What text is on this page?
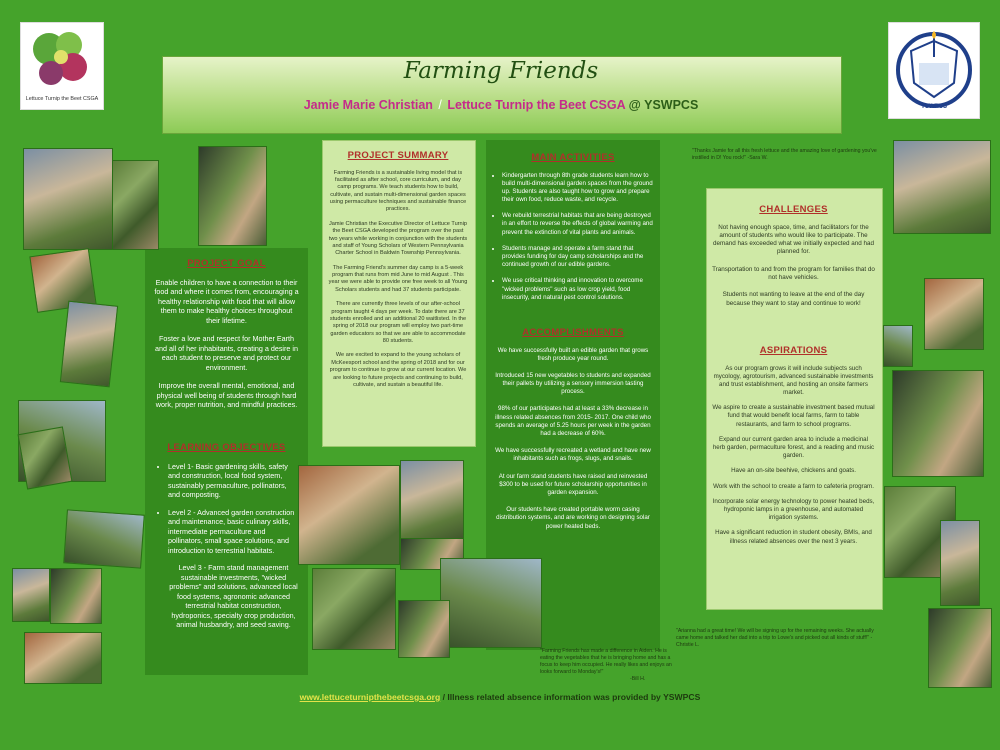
Lettuce Turnip the Beet CSGA
YSWPCS
Farming Friends
Jamie Marie Christian / Lettuce Turnip the Beet CSGA @ YSWPCS
PROJECT GOAL

Enable children to have a connection to their food and where it comes from, encouraging a healthy relationship with food that will allow them to make healthy choices throughout their lifetime.

Foster a love and respect for Mother Earth and all of her inhabitants, creating a desire in each student to preserve and protect our environment.

Improve the overall mental, emotional, and physical well being of students through hard work, proper nutrition, and mindful practices.

LEARNING OBJECTIVES
• Level 1- Basic gardening skills, safety and construction, local food system, sustainably permaculture, pollinators, and composting.
• Level 2 - Advanced garden construction and maintenance, basic culinary skills, intermediate permaculture and pollinators, small space solutions, and introduction to terrestrial habitats.
Level 3 - Farm stand management sustainable investments, "wicked problems" and solutions, advanced local food systems, agronomic advanced terrestrial habitat construction, hydroponics, specialty crop production, animal husbandry, and seed saving.
PROJECT SUMMARY

Farming Friends is a sustainable living model that is facilitated as after school, core curriculum, and day camp programs. We teach students how to build, cultivate, and sustain multi-dimensional garden spaces using permaculture techniques and sustainable finance practices.

Jamie Christian the Executive Director of Lettuce Turnip the Beet CSGA developed the program over the past two years while working in conjunction with the students and staff of Young Scholars of Western Pennsylvania Charter School in Baldwin Township Pennsylvania.

The Farming Friend's summer day camp is a 5-week program that runs from mid June to mid August . This year we were able to provide one free week to all Young Scholars students and had 37 students participate.

There are currently three levels of our after-school program taught 4 days per week. To date there are 37 students enrolled and an additional 20 waitlisted. In the spring of 2018 our program will employ two part-time garden educators so that we are able to accommodate 80 students.

We are excited to expand to the young scholars of McKeesport school and the spring of 2018 and for our program to continue to grow at our current location. We are looking to future projects and continuing to build, cultivate, and sustain a beautiful life.

MAIN ACTIVITIES
• Kindergarten through 8th grade students learn how to build multi-dimensional garden spaces from the ground up. Students are also taught how to grow and prepare their own food, reduce waste, and recycle.
• We rebuild terrestrial habitats that are being destroyed in an effort to reverse the effects of global warming and prevent the extinction of vital plants and animals.
• Students manage and operate a farm stand that provides funding for day camp scholarships and the continued growth of our edible gardens.
• We use critical thinking and innovation to overcome "wicked problems" such as low crop yield, food insecurity, and natural pest control solutions.
ACCOMPLISHMENTS

We have successfully built an edible garden that grows fresh produce year round.

Introduced 15 new vegetables to students and expanded their pallets by utilizing a sensory immersion tasting process.

98% of our participates had at least a 33% decrease in illness related absences from 2015- 2017. One child who spends an average of 5.25 hours per week in the garden had a decrease of 60%.

We have successfully recreated a wetland and have new inhabitants such as frogs, slugs, and snails.

At our farm stand students have raised and reinvested $300 to be used for future scholarship opportunities in garden expansion.

Our students have created portable worm casing distribution systems, and are working on designing solar power heated beds.

CHALLENGES

Not having enough space, time, and facilitators for the amount of students who would like to participate. The demand has exceeded what we initially expected and had planned for.

Transportation to and from the program for families that do not have vehicles.

Students not wanting to leave at the end of the day because they want to stay and continue to work!

ASPIRATIONS

As our program grows it will include subjects such mycology, agrotourism, advanced sustainable investments and trust establishment, and hosting an onsite farmers market.

We aspire to create a sustainable investment based mutual fund that would benefit local farms, farm to table restaurants, and farm to school programs.

Expand our current garden area to include a medicinal herb garden, permaculture forest, and a reading and music garden.

Have an on-site beehive, chickens and goats.

Work with the school to create a farm to cafeteria program.

Incorporate solar energy technology to power heated beds, hydroponic lamps in a greenhouse, and automated irrigation systems.

Have a significant reduction in student obesity, BMIs, and illness related absences over the next 3 years.

"Thanks Jamie for all this fresh lettuce and the amazing love of gardening you've instilled in D! You rock!" -Sara W.
"Arianna had a great time! We will be signing up for the remaining weeks. She actually came home and talked her dad into a trip to Lowe's and picked out all kinds of stuff!" - Christie L.
"Farming Friends has made a difference in Aiden. He is eating the vegetables that he is bringing home and has a focus to keep him occupied. He really likes and enjoys an looks forward to Monday's!"
-Bill H.
www.lettuceturnipthebeetcsga.org / Illness related absence information was provided by YSWPCS
